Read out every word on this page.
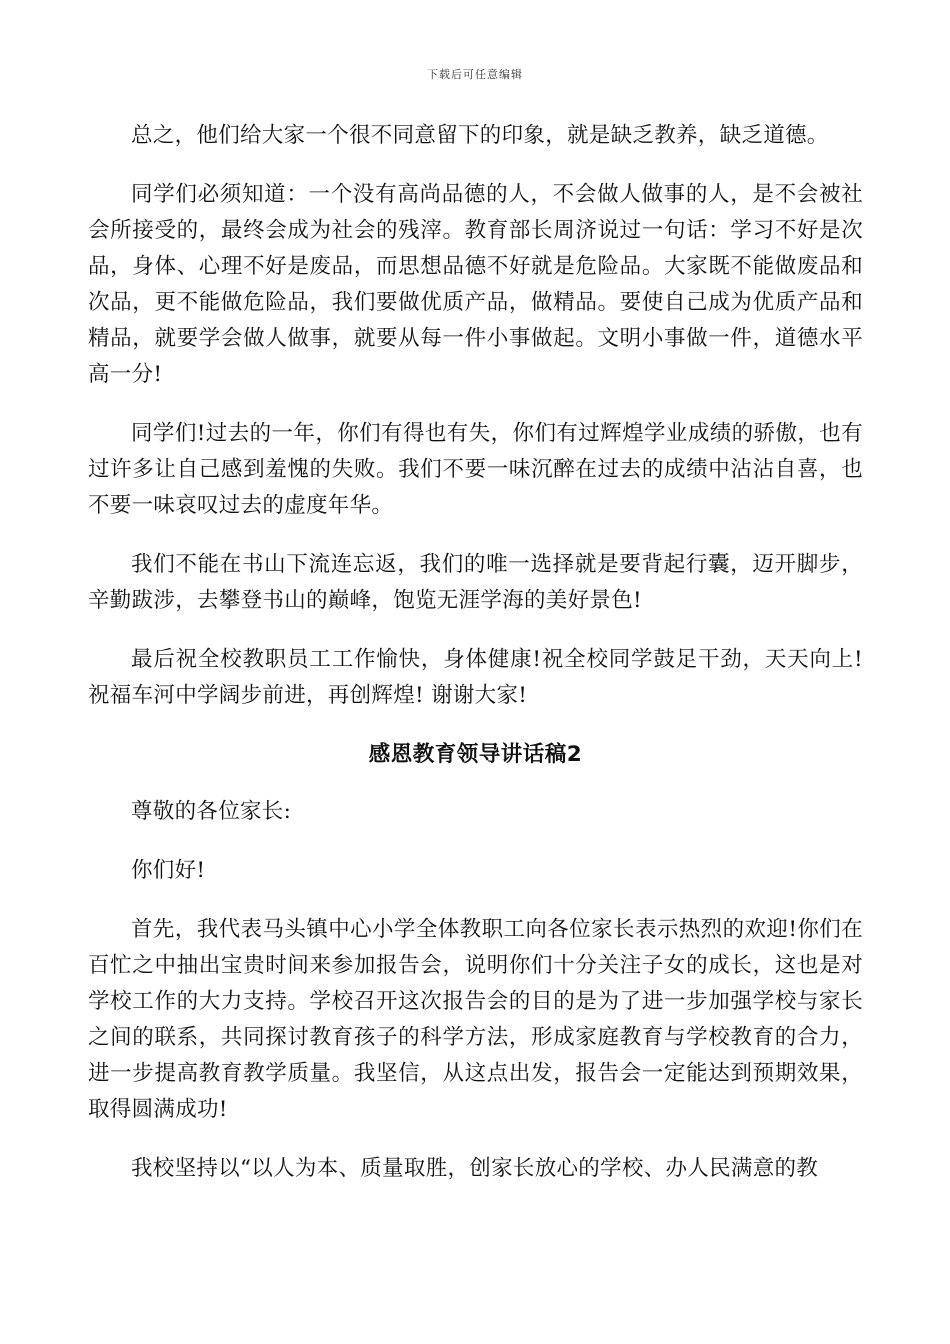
下载后可任意编辑

总之，他们给大家一个很不同意留下的印象，就是缺乏教养，缺乏道德。

同学们必须知道：一个没有高尚品德的人，不会做人做事的人，是不会被社会所接受的，最终会成为社会的残滓。教育部长周济说过一句话：学习不好是次品，身体、心理不好是废品，而思想品德不好就是危险品。大家既不能做废品和次品，更不能做危险品，我们要做优质产品，做精品。要使自己成为优质产品和精品，就要学会做人做事，就要从每一件小事做起。文明小事做一件，道德水平高一分!

同学们!过去的一年，你们有得也有失，你们有过辉煌学业成绩的骄傲，也有过许多让自己感到羞愧的失败。我们不要一味沉醉在过去的成绩中沾沾自喜，也不要一味哀叹过去的虚度年华。

我们不能在书山下流连忘返，我们的唯一选择就是要背起行囊，迈开脚步，辛勤跋涉，去攀登书山的巅峰，饱览无涯学海的美好景色!

最后祝全校教职员工工作愉快，身体健康!祝全校同学鼓足干劲，天天向上!祝福车河中学阔步前进，再创辉煌! 谢谢大家!

感恩教育领导讲话稿2

尊敬的各位家长:

你们好!

首先，我代表马头镇中心小学全体教职工向各位家长表示热烈的欢迎!你们在百忙之中抽出宝贵时间来参加报告会，说明你们十分关注子女的成长，这也是对学校工作的大力支持。学校召开这次报告会的目的是为了进一步加强学校与家长之间的联系，共同探讨教育孩子的科学方法，形成家庭教育与学校教育的合力，进一步提高教育教学质量。我坚信，从这点出发，报告会一定能达到预期效果，取得圆满成功!

我校坚持以“以人为本、质量取胜，创家长放心的学校、办人民满意的教
